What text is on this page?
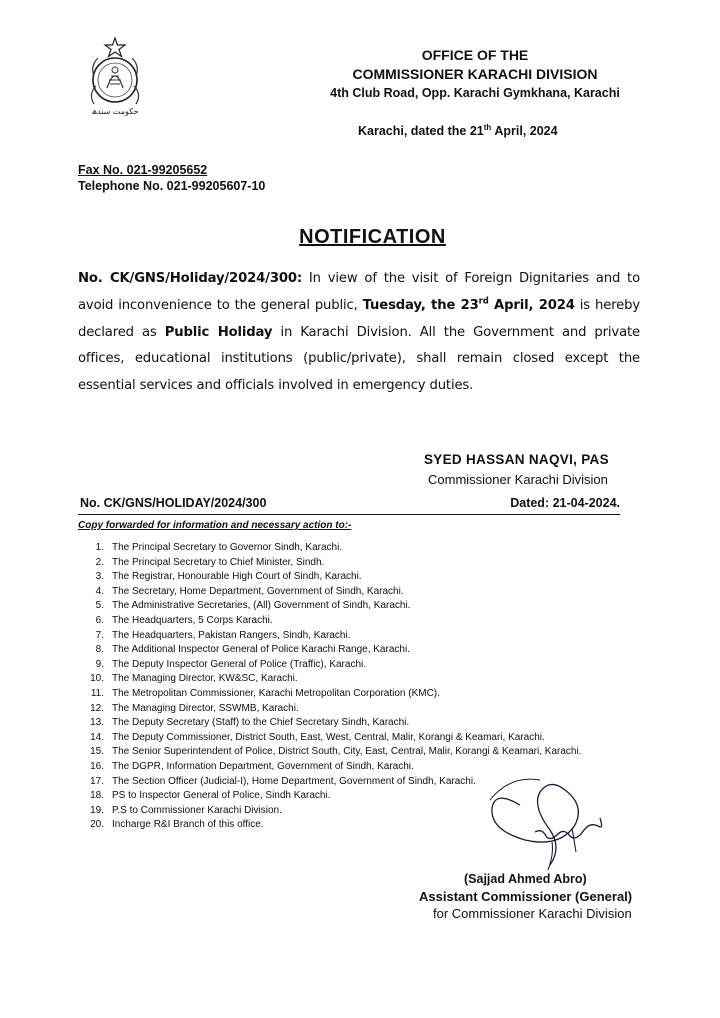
حکومت سندھ
OFFICE OF THE
COMMISSIONER KARACHI DIVISION
4th Club Road, Opp. Karachi Gymkhana, Karachi
Karachi, dated the 21th April, 2024
Fax No. 021-99205652
Telephone No. 021-99205607-10
NOTIFICATION
No. CK/GNS/Holiday/2024/300: In view of the visit of Foreign Dignitaries and to avoid inconvenience to the general public, Tuesday, the 23rd April, 2024 is hereby declared as Public Holiday in Karachi Division. All the Government and private offices, educational institutions (public/private), shall remain closed except the essential services and officials involved in emergency duties.
SYED HASSAN NAQVI, PAS
Commissioner Karachi Division
No. CK/GNS/HOLIDAY/2024/300	Dated: 21-04-2024.
Copy forwarded for information and necessary action to:-
1. The Principal Secretary to Governor Sindh, Karachi.
2. The Principal Secretary to Chief Minister, Sindh.
3. The Registrar, Honourable High Court of Sindh, Karachi.
4. The Secretary, Home Department, Government of Sindh, Karachi.
5. The Administrative Secretaries, (All) Government of Sindh, Karachi.
6. The Headquarters, 5 Corps Karachi.
7. The Headquarters, Pakistan Rangers, Sindh, Karachi.
8. The Additional Inspector General of Police Karachi Range, Karachi.
9. The Deputy Inspector General of Police (Traffic), Karachi.
10. The Managing Director, KW&SC, Karachi.
11. The Metropolitan Commissioner, Karachi Metropolitan Corporation (KMC).
12. The Managing Director, SSWMB, Karachi.
13. The Deputy Secretary (Staff) to the Chief Secretary Sindh, Karachi.
14. The Deputy Commissioner, District South, East, West, Central, Malir, Korangi & Keamari, Karachi.
15. The Senior Superintendent of Police, District South, City, East, Central, Malir, Korangi & Keamari, Karachi.
16. The DGPR, Information Department, Government of Sindh, Karachi.
17. The Section Officer (Judicial-I), Home Department, Government of Sindh, Karachi.
18. PS to Inspector General of Police, Sindh Karachi.
19. P.S to Commissioner Karachi Division.
20. Incharge R&I Branch of this office.
(Sajjad Ahmed Abro)
Assistant Commissioner (General)
for Commissioner Karachi Division
